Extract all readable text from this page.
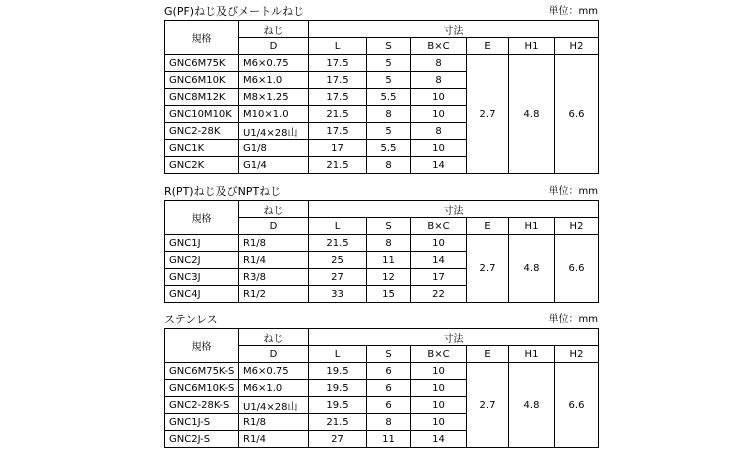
G(PF)ねじ及びメートルねじ	単位：mm
規格	ねじ	寸法					
	D	L	S	B×C	E	H1	H2
GNC6M75K	M6×0.75	17.5	5	8	2.7	4.8	6.6
GNC6M10K	M6×1.0	17.5	5	8			
GNC8M12K	M8×1.25	17.5	5.5	10			
GNC10M10K	M10×1.0	21.5	8	10			
GNC2-28K	U1/4×28山	17.5	5	8			
GNC1K	G1/8	17	5.5	10			
GNC2K	G1/4	21.5	8	14			
R(PT)ねじ及びNPTねじ	単位：mm
規格	ねじ	寸法					
	D	L	S	B×C	E	H1	H2
GNC1J	R1/8	21.5	8	10	2.7	4.8	6.6
GNC2J	R1/4	25	11	14			
GNC3J	R3/8	27	12	17			
GNC4J	R1/2	33	15	22			
ステンレス	単位：mm
規格	ねじ	寸法					
	D	L	S	B×C	E	H1	H2
GNC6M75K-S	M6×0.75	19.5	6	10	2.7	4.8	6.6
GNC6M10K-S	M6×1.0	19.5	6	10			
GNC2-28K-S	U1/4×28山	19.5	6	10			
GNC1J-S	R1/8	21.5	8	10			
GNC2J-S	R1/4	27	11	14			
